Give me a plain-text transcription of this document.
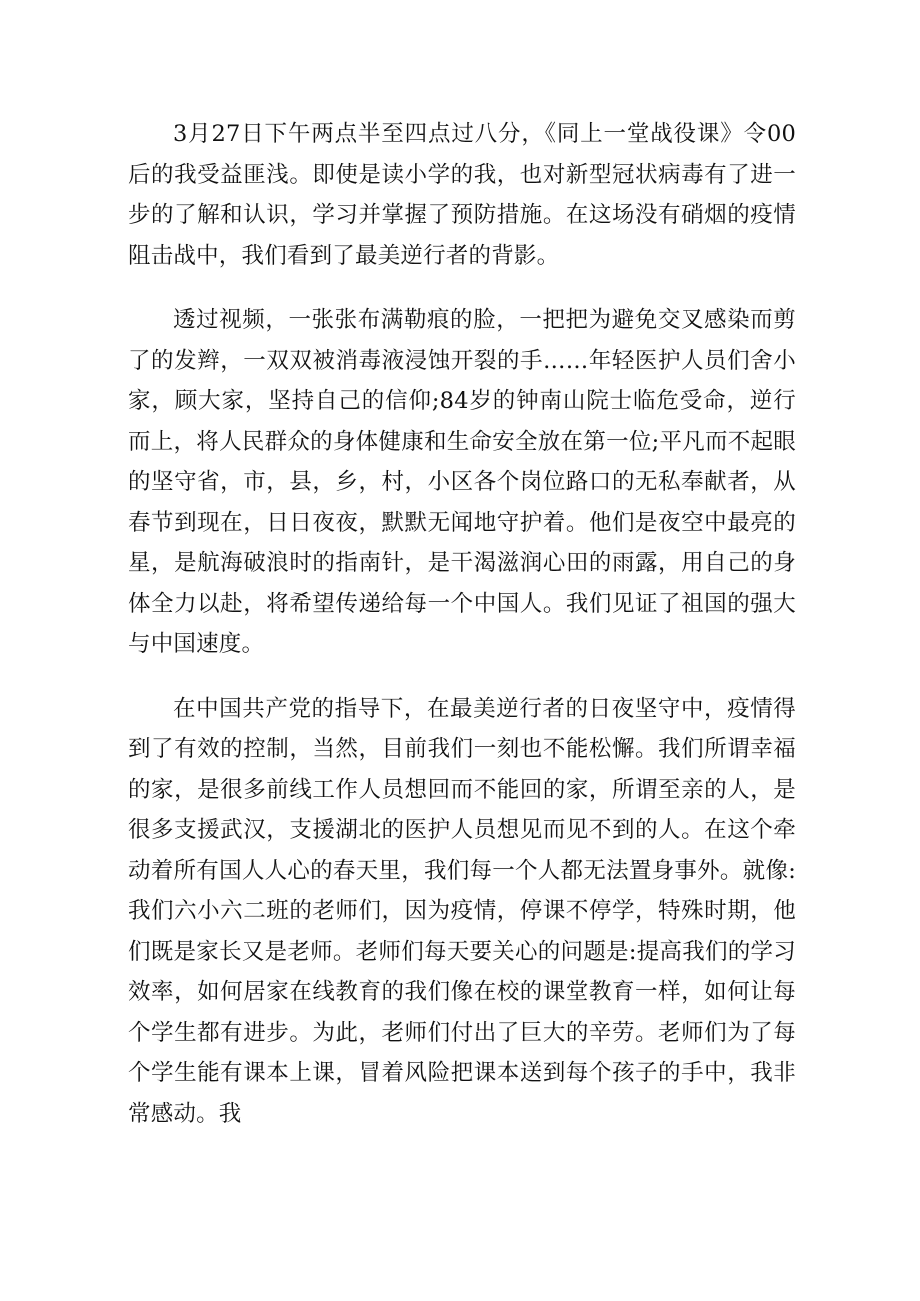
3月27日下午两点半至四点过八分，《同上一堂战役课》令00后的我受益匪浅。即使是读小学的我，也对新型冠状病毒有了进一步的了解和认识，学习并掌握了预防措施。在这场没有硝烟的疫情阻击战中，我们看到了最美逆行者的背影。

透过视频，一张张布满勒痕的脸，一把把为避免交叉感染而剪了的发辫，一双双被消毒液浸蚀开裂的手……年轻医护人员们舍小家，顾大家，坚持自己的信仰;84岁的钟南山院士临危受命，逆行而上，将人民群众的身体健康和生命安全放在第一位;平凡而不起眼的坚守省，市，县，乡，村，小区各个岗位路口的无私奉献者，从春节到现在，日日夜夜，默默无闻地守护着。他们是夜空中最亮的星，是航海破浪时的指南针，是干渴滋润心田的雨露，用自己的身体全力以赴，将希望传递给每一个中国人。我们见证了祖国的强大与中国速度。

在中国共产党的指导下，在最美逆行者的日夜坚守中，疫情得到了有效的控制，当然，目前我们一刻也不能松懈。我们所谓幸福的家，是很多前线工作人员想回而不能回的家，所谓至亲的人，是很多支援武汉，支援湖北的医护人员想见而见不到的人。在这个牵动着所有国人人心的春天里，我们每一个人都无法置身事外。就像:我们六小六二班的老师们，因为疫情，停课不停学，特殊时期，他们既是家长又是老师。老师们每天要关心的问题是:提高我们的学习效率，如何居家在线教育的我们像在校的课堂教育一样，如何让每个学生都有进步。为此，老师们付出了巨大的辛劳。老师们为了每个学生能有课本上课，冒着风险把课本送到每个孩子的手中，我非常感动。我
